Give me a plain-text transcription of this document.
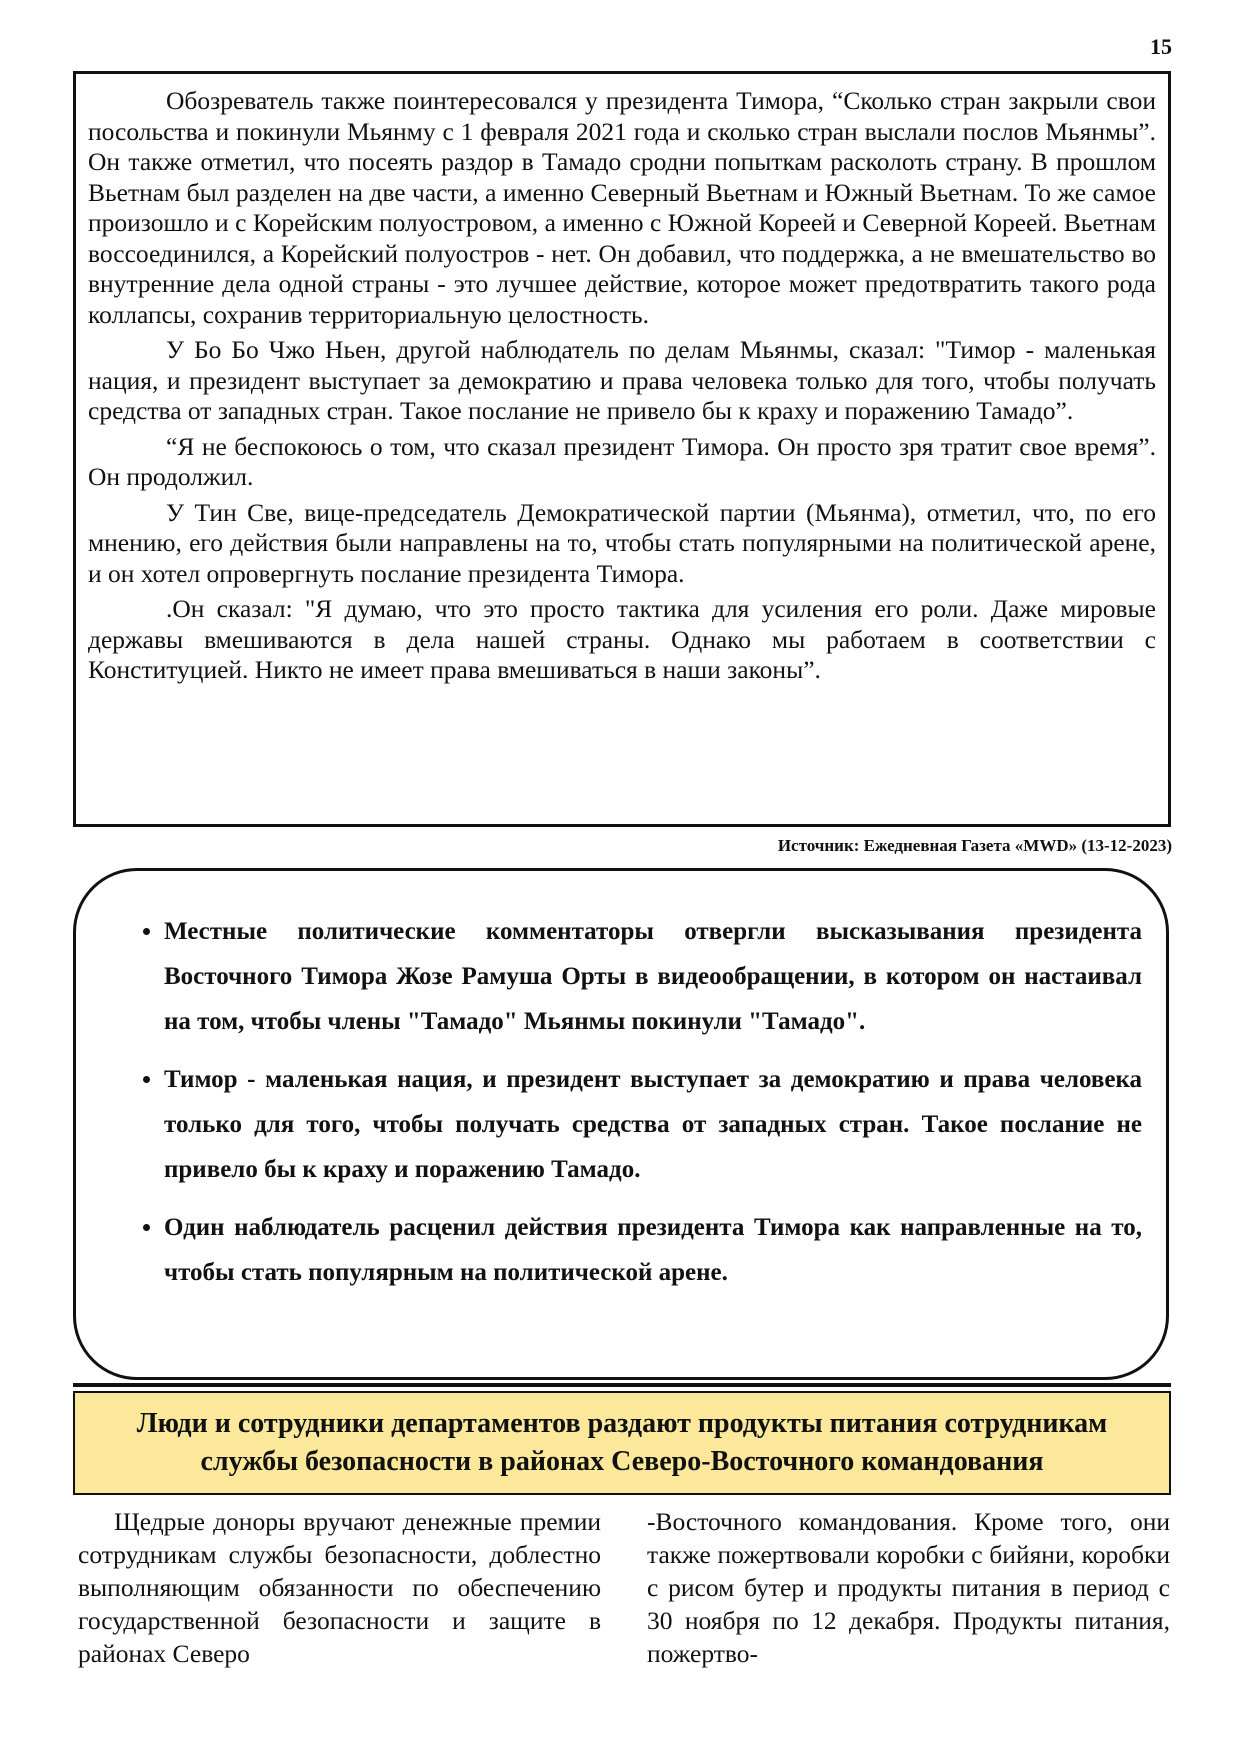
15

Обозреватель также поинтересовался у президента Тимора, “Сколько стран закрыли свои посольства и покинули Мьянму с 1 февраля 2021 года и сколько стран выслали послов Мьянмы”. Он также отметил, что посеять раздор в Тамадо сродни попыткам расколоть страну. В прошлом Вьетнам был разделен на две части, а именно Северный Вьетнам и Южный Вьетнам. То же самое произошло и с Корейским полуостровом, а именно с Южной Кореей и Северной Кореей. Вьетнам воссоединился, а Корейский полуостров - нет. Он добавил, что поддержка, а не вмешательство во внутренние дела одной страны - это лучшее действие, которое может предотвратить такого рода коллапсы, сохранив территориальную целостность.

У Бо Бо Чжо Ньен, другой наблюдатель по делам Мьянмы, сказал: "Тимор - маленькая нация, и президент выступает за демократию и права человека только для того, чтобы получать средства от западных стран. Такое послание не привело бы к краху и поражению Тамадо”.

“Я не беспокоюсь о том, что сказал президент Тимора. Он просто зря тратит свое время”. Он продолжил.

У Тин Све, вице-председатель Демократической партии (Мьянма), отметил, что, по его мнению, его действия были направлены на то, чтобы стать популярными на политической арене, и он хотел опровергнуть послание президента Тимора.

.Он сказал: "Я думаю, что это просто тактика для усиления его роли. Даже мировые державы вмешиваются в дела нашей страны. Однако мы работаем в соответствии с Конституцией. Никто не имеет права вмешиваться в наши законы”.

Источник: Ежедневная Газета «MWD» (13-12-2023)
• Местные политические комментаторы отвергли высказывания президента Восточного Тимора Жозе Рамуша Орты в видеообращении, в котором он настаивал на том, чтобы члены "Тамадо" Мьянмы покинули "Тамадо".
• Тимор - маленькая нация, и президент выступает за демократию и права человека только для того, чтобы получать средства от западных стран. Такое послание не привело бы к краху и поражению Тамадо.
• Один наблюдатель расценил действия президента Тимора как направленные на то, чтобы стать популярным на политической арене.
Люди и сотрудники департаментов раздают продукты питания сотрудникам службы безопасности в районах Северо-Восточного командования

Щедрые доноры вручают денежные премии сотрудникам службы безопасности, доблестно выполняющим обязанности по обеспечению государственной безопасности и защите в районах Северо

-Восточного командования. Кроме того, они также пожертвовали коробки с бийяни, коробки с рисом бутер и продукты питания в период с 30 ноября по 12 декабря. Продукты питания, пожертво-
